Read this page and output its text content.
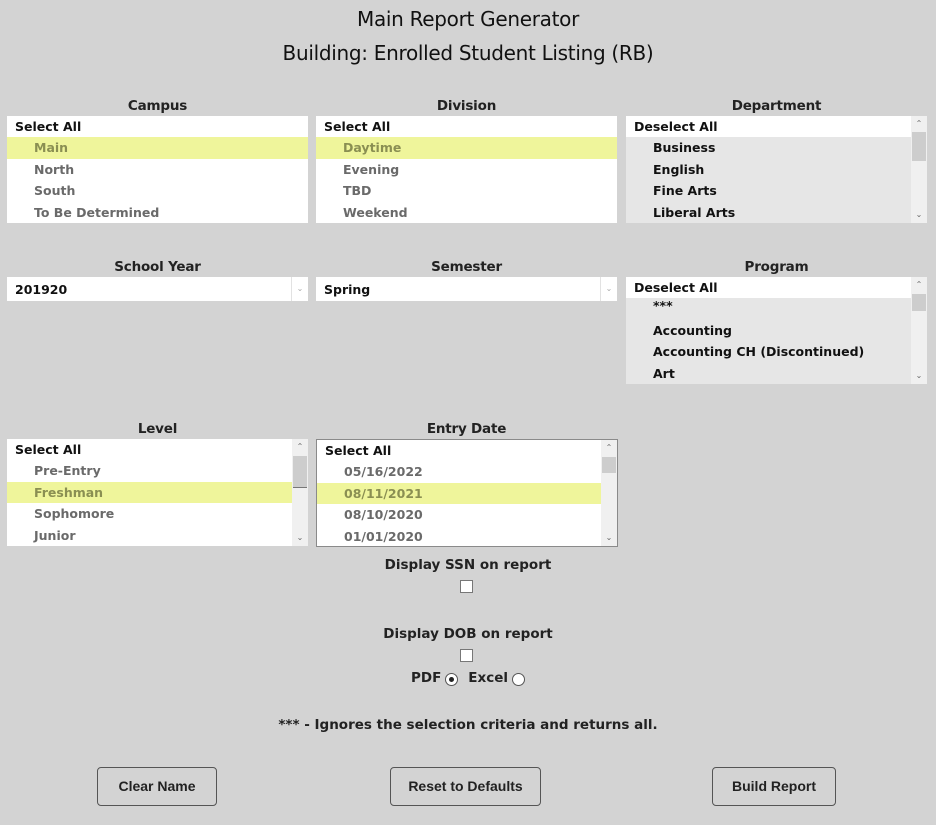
Main Report Generator
Building: Enrolled Student Listing (RB)
Campus
Select All
Main
North
South
To Be Determined
Division
Select All
Daytime
Evening
TBD
Weekend
Department
Deselect All
Business
English
Fine Arts
Liberal Arts
⌃
⌄
School Year
201920	⌄
Semester
Spring	⌄
Program
Deselect All
***
Accounting
Accounting CH (Discontinued)
Art
⌃
⌄
Level
Select All
Pre-Entry
Freshman
Sophomore
Junior
⌃
⌄
Entry Date
Select All
05/16/2022
08/11/2021
08/10/2020
01/01/2020
⌃
⌄
Display SSN on report
Display DOB on report
PDF Excel
*** - Ignores the selection criteria and returns all.
Clear Name	Reset to Defaults	Build Report
